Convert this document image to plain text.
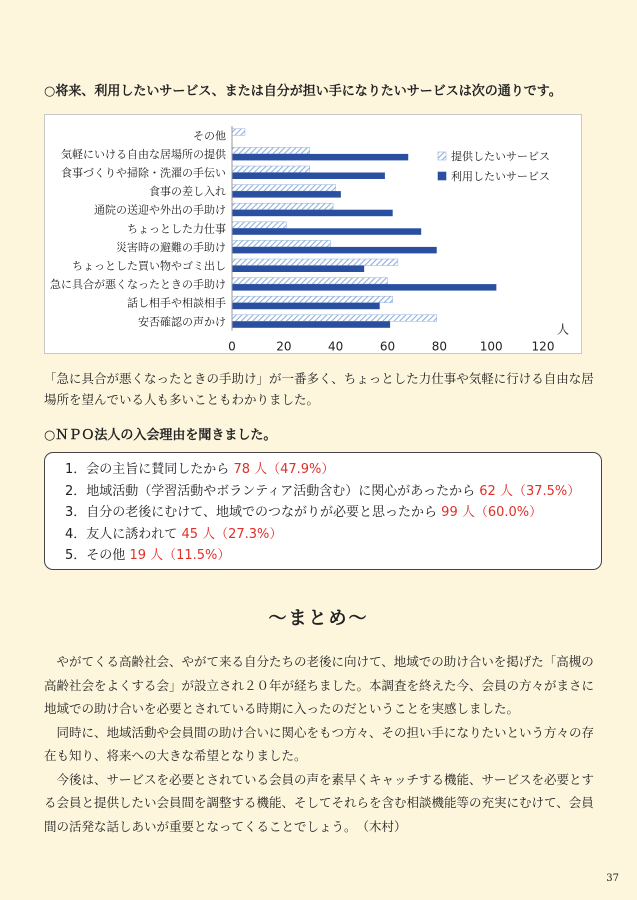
○将来、利用したいサービス、または自分が担い手になりたいサービスは次の通りです。
その他
気軽にいける自由な居場所の提供
食事づくりや掃除・洗濯の手伝い
食事の差し入れ
通院の送迎や外出の手助け
ちょっとした力仕事
災害時の避難の手助け
ちょっとした買い物やゴミ出し
急に具合が悪くなったときの手助け
話し相手や相談相手
安否確認の声かけ
0	20	40	60	80	100 120
人
提供したいサービス
利用したいサービス
「急に具合が悪くなったときの手助け」が一番多く、ちょっとした力仕事や気軽に行ける自由な居場所を望んでいる人も多いこともわかりました。
○ＮＰＯ法人の入会理由を聞きました。
1．会の主旨に賛同したから 78 人（47.9%）
2．地域活動（学習活動やボランティア活動含む）に関心があったから 62 人（37.5%）
3．自分の老後にむけて、地域でのつながりが必要と思ったから 99 人（60.0%）
4．友人に誘われて 45 人（27.3%）
5．その他 19 人（11.5%）
～まとめ～

やがてくる高齢社会、やがて来る自分たちの老後に向けて、地域での助け合いを掲げた「高槻の高齢社会をよくする会」が設立され２０年が経ちました。本調査を終えた今、会員の方々がまさに地域での助け合いを必要とされている時期に入ったのだということを実感しました。

同時に、地域活動や会員間の助け合いに関心をもつ方々、その担い手になりたいという方々の存在も知り、将来への大きな希望となりました。

今後は、サービスを必要とされている会員の声を素早くキャッチする機能、サービスを必要とする会員と提供したい会員間を調整する機能、そしてそれらを含む相談機能等の充実にむけて、会員間の活発な話しあいが重要となってくることでしょう。　（木村）

37
